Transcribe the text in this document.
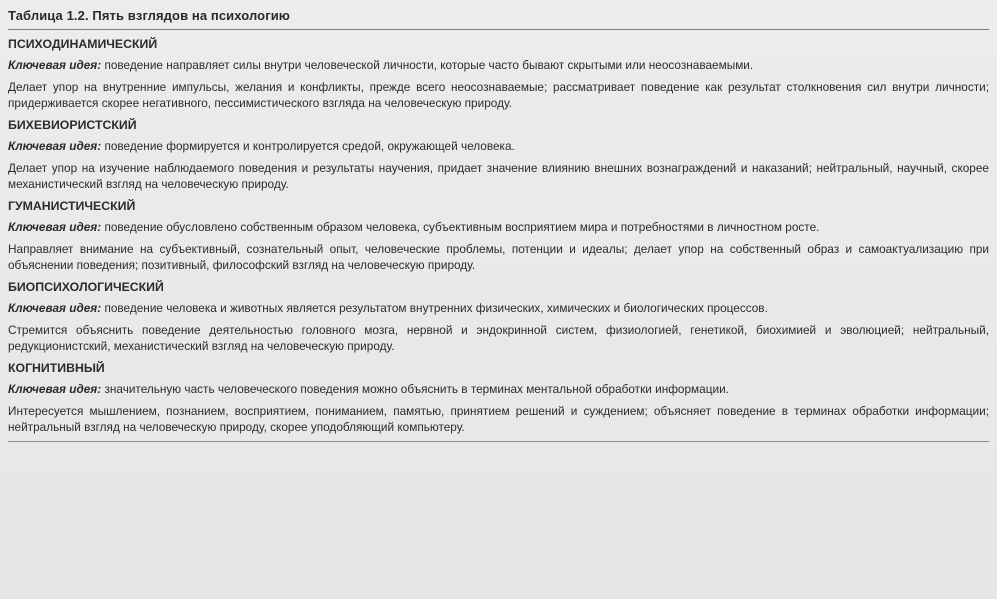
Таблица 1.2. Пять взглядов на психологию
ПСИХОДИНАМИЧЕСКИЙ
Ключевая идея: поведение направляет силы внутри человеческой личности, которые часто бывают скрытыми или неосознаваемыми.
Делает упор на внутренние импульсы, желания и конфликты, прежде всего неосознаваемые; рассматривает поведение как результат столкновения сил внутри личности; придерживается скорее негативного, пессимистического взгляда на человеческую природу.
БИХЕВИОРИСТСКИЙ
Ключевая идея: поведение формируется и контролируется средой, окружающей человека.
Делает упор на изучение наблюдаемого поведения и результаты научения, придает значение влиянию внешних вознаграждений и наказаний; нейтральный, научный, скорее механистический взгляд на человеческую природу.
ГУМАНИСТИЧЕСКИЙ
Ключевая идея: поведение обусловлено собственным образом человека, субъективным восприятием мира и потребностями в личностном росте.
Направляет внимание на субъективный, сознательный опыт, человеческие проблемы, потенции и идеалы; делает упор на собственный образ и самоактуализацию при объяснении поведения; позитивный, философский взгляд на человеческую природу.
БИОПСИХОЛОГИЧЕСКИЙ
Ключевая идея: поведение человека и животных является результатом внутренних физических, химических и биологических процессов.
Стремится объяснить поведение деятельностью головного мозга, нервной и эндокринной систем, физиологией, генетикой, биохимией и эволюцией; нейтральный, редукционистский, механистический взгляд на человеческую природу.
КОГНИТИВНЫЙ
Ключевая идея: значительную часть человеческого поведения можно объяснить в терминах ментальной обработки информации.
Интересуется мышлением, познанием, восприятием, пониманием, памятью, принятием решений и суждением; объясняет поведение в терминах обработки информации; нейтральный взгляд на человеческую природу, скорее уподобляющий компьютеру.
